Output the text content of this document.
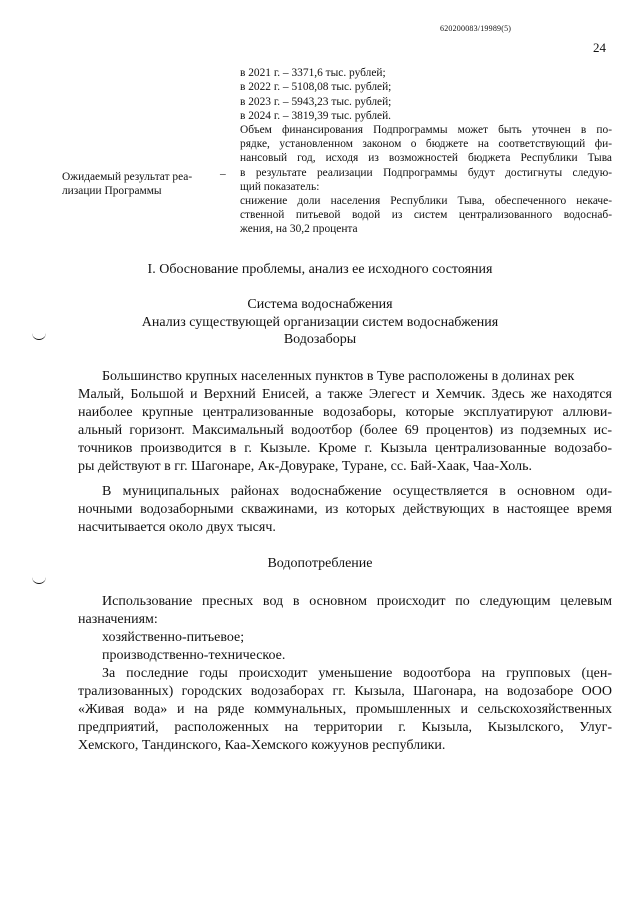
620200083/19989(5)
24
в 2021 г. – 3371,6 тыс. рублей;
в 2022 г. – 5108,08 тыс. рублей;
в 2023 г. – 5943,23 тыс. рублей;
в 2024 г. – 3819,39 тыс. рублей.
Объем финансирования Подпрограммы может быть уточнен в по-
рядке, установленном законом о бюджете на соответствующий фи-
нансовый год, исходя из возможностей бюджета Республики Тыва
в результате реализации Подпрограммы будут достигнуты следую-
щий показатель:
снижение доли населения Республики Тыва, обеспеченного некаче-
ственной питьевой водой из систем централизованного водоснаб-
жения, на 30,2 процента
Ожидаемый результат реа-
лизации Программы
–
I. Обоснование проблемы, анализ ее исходного состояния
Система водоснабжения
Анализ существующей организации систем водоснабжения
Водозаборы
Большинство крупных населенных пунктов в Туве расположены в долинах рек
Малый, Большой и Верхний Енисей, а также Элегест и Хемчик. Здесь же находятся
наиболее крупные централизованные водозаборы, которые эксплуатируют аллюви-
альный горизонт. Максимальный водоотбор (более 69 процентов) из подземных ис-
точников производится в г. Кызыле. Кроме г. Кызыла централизованные водозабо-
ры действуют в гг. Шагонаре, Ак-Довураке, Туране, сс. Бай-Хаак, Чаа-Холь.
В муниципальных районах водоснабжение осуществляется в основном оди-
ночными водозаборными скважинами, из которых действующих в настоящее время
насчитывается около двух тысяч.
Водопотребление
Использование пресных вод в основном происходит по следующим целевым
назначениям:
хозяйственно-питьевое;
производственно-техническое.
За последние годы происходит уменьшение водоотбора на групповых (цен-
трализованных) городских водозаборах гг. Кызыла, Шагонара, на водозаборе ООО
«Живая вода» и на ряде коммунальных, промышленных и сельскохозяйственных
предприятий, расположенных на территории г. Кызыла, Кызылского, Улуг-
Хемского, Тандинского, Каа-Хемского кожуунов республики.
